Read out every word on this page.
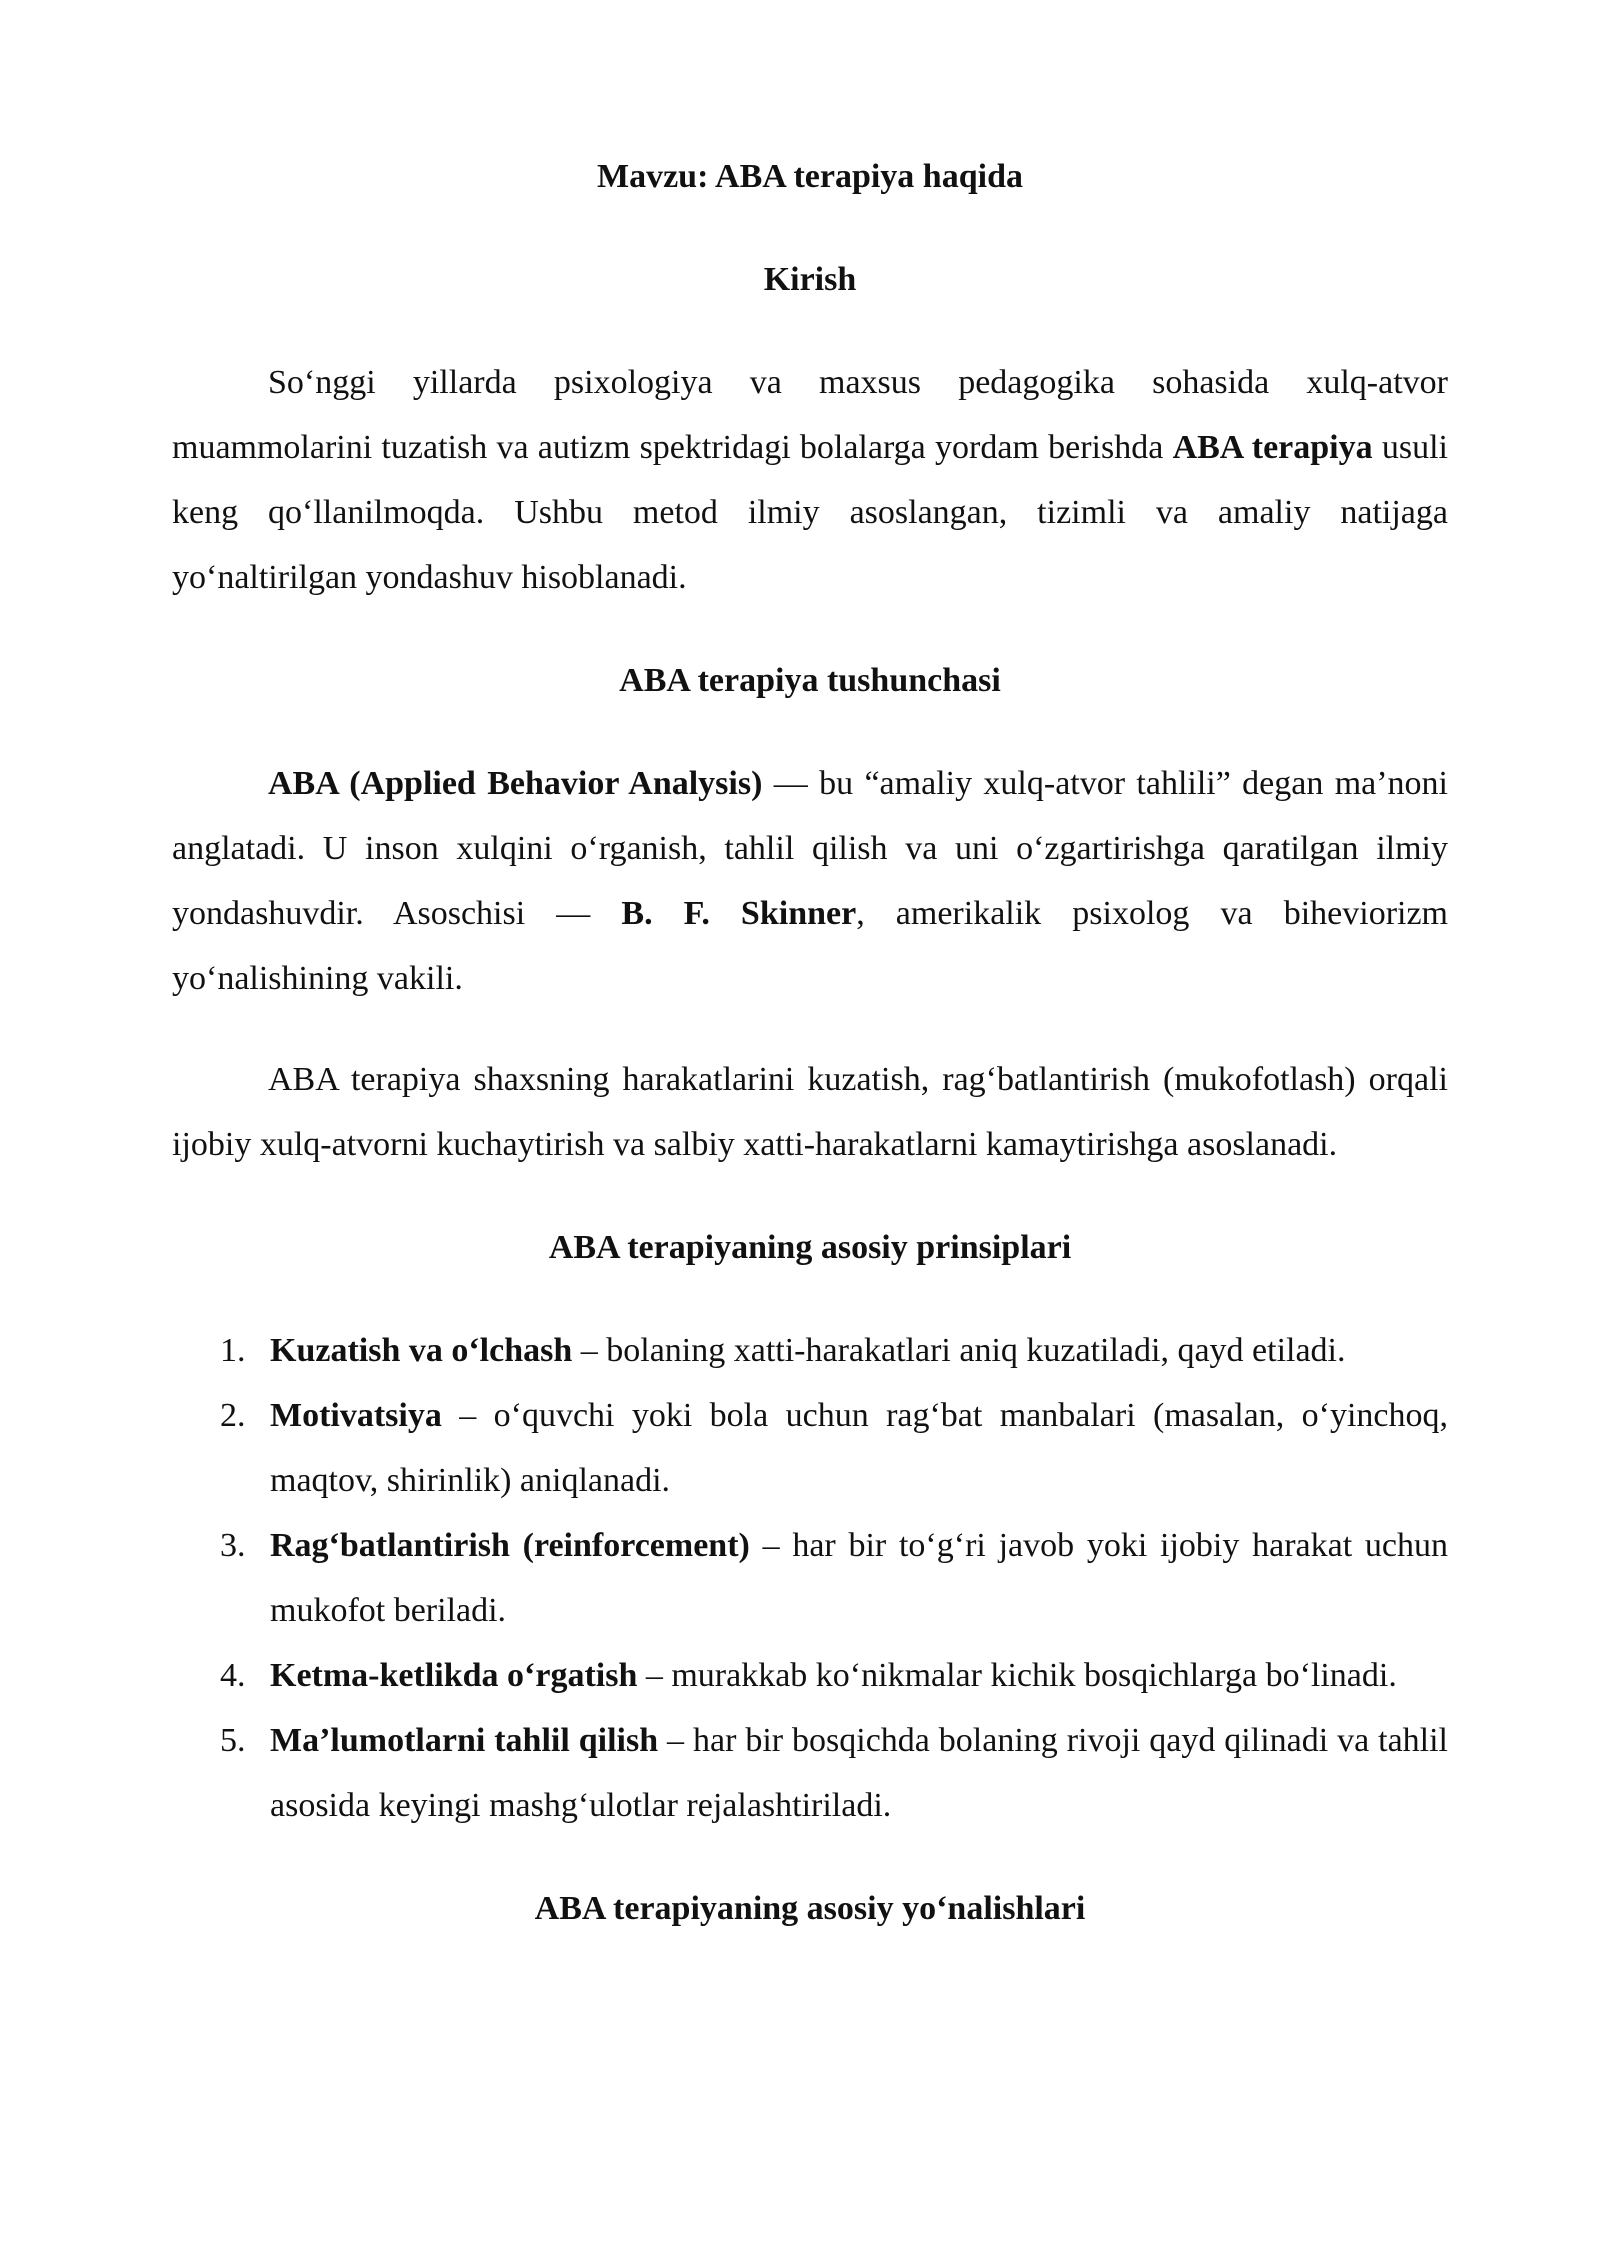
Mavzu: ABA terapiya haqida
Kirish

So‘nggi yillarda psixologiya va maxsus pedagogika sohasida xulq-atvor muammolarini tuzatish va autizm spektridagi bolalarga yordam berishda ABA terapiya usuli keng qo‘llanilmoqda. Ushbu metod ilmiy asoslangan, tizimli va amaliy natijaga yo‘naltirilgan yondashuv hisoblanadi.

ABA terapiya tushunchasi

ABA (Applied Behavior Analysis) — bu “amaliy xulq-atvor tahlili” degan ma’noni anglatadi. U inson xulqini o‘rganish, tahlil qilish va uni o‘zgartirishga qaratilgan ilmiy yondashuvdir. Asoschisi — B. F. Skinner, amerikalik psixolog va biheviorizm yo‘nalishining vakili.

ABA terapiya shaxsning harakatlarini kuzatish, rag‘batlantirish (mukofotlash) orqali ijobiy xulq-atvorni kuchaytirish va salbiy xatti-harakatlarni kamaytirishga asoslanadi.

ABA terapiyaning asosiy prinsiplari
1. Kuzatish va o‘lchash – bolaning xatti-harakatlari aniq kuzatiladi, qayd etiladi.
2. Motivatsiya – o‘quvchi yoki bola uchun rag‘bat manbalari (masalan, o‘yinchoq, maqtov, shirinlik) aniqlanadi.
3. Rag‘batlantirish (reinforcement) – har bir to‘g‘ri javob yoki ijobiy harakat uchun mukofot beriladi.
4. Ketma-ketlikda o‘rgatish – murakkab ko‘nikmalar kichik bosqichlarga bo‘linadi.
5. Ma’lumotlarni tahlil qilish – har bir bosqichda bolaning rivoji qayd qilinadi va tahlil asosida keyingi mashg‘ulotlar rejalashtiriladi.
ABA terapiyaning asosiy yo‘nalishlari
